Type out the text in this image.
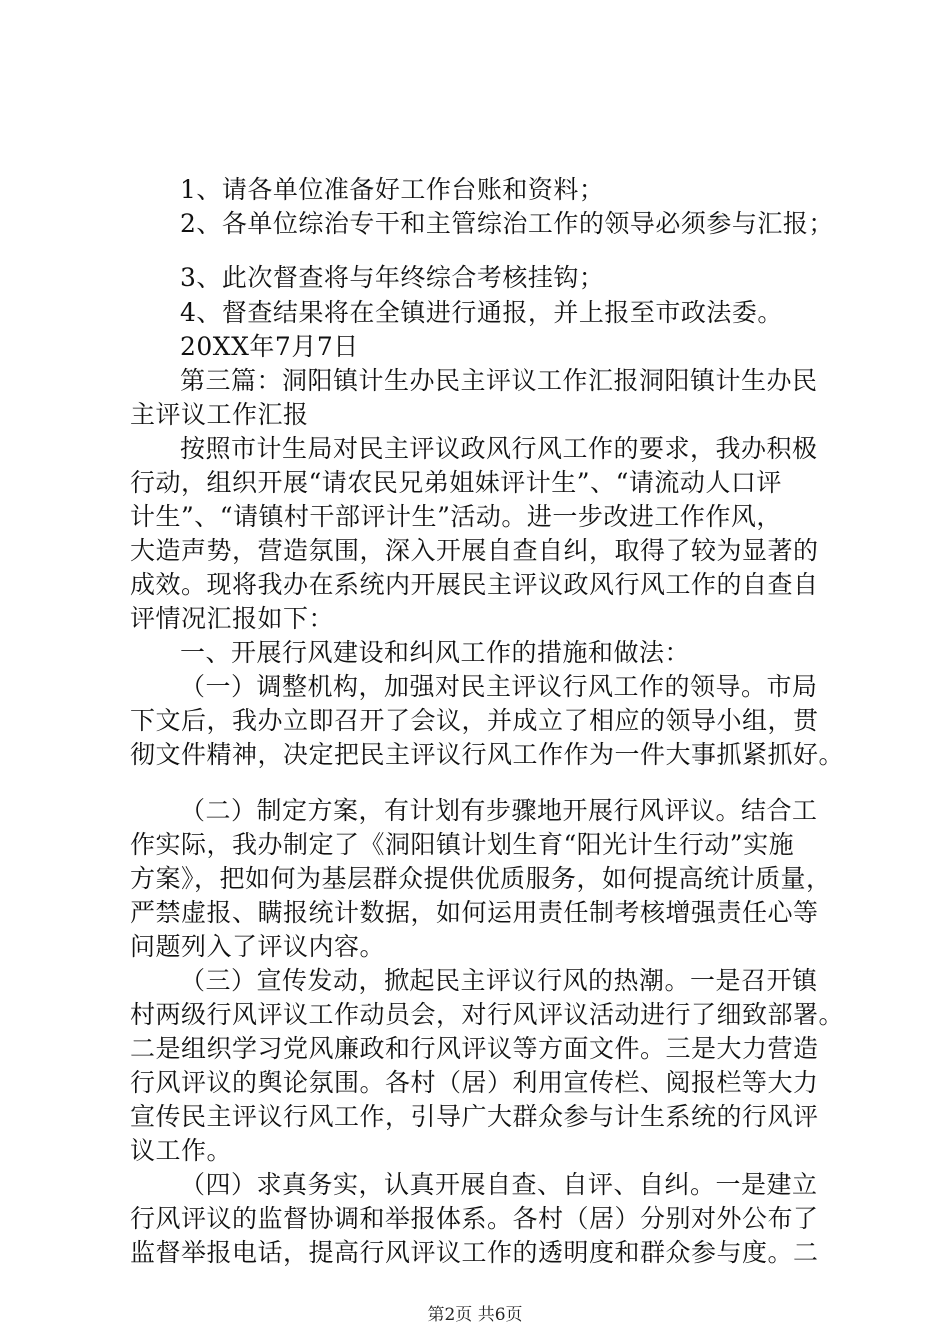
1、请各单位准备好工作台账和资料；
2、各单位综治专干和主管综治工作的领导必须参与汇报；
3、此次督查将与年终综合考核挂钩；
4、督查结果将在全镇进行通报，并上报至市政法委。
20XX年7月7日
第三篇：洞阳镇计生办民主评议工作汇报洞阳镇计生办民
主评议工作汇报
按照市计生局对民主评议政风行风工作的要求，我办积极
行动，组织开展“请农民兄弟姐妹评计生”、“请流动人口评
计生”、“请镇村干部评计生”活动。进一步改进工作作风，
大造声势，营造氛围，深入开展自查自纠，取得了较为显著的
成效。现将我办在系统内开展民主评议政风行风工作的自查自
评情况汇报如下：
一、开展行风建设和纠风工作的措施和做法：
（一）调整机构，加强对民主评议行风工作的领导。市局
下文后，我办立即召开了会议，并成立了相应的领导小组，贯
彻文件精神，决定把民主评议行风工作作为一件大事抓紧抓好。
（二）制定方案，有计划有步骤地开展行风评议。结合工
作实际，我办制定了《洞阳镇计划生育“阳光计生行动”实施
方案》，把如何为基层群众提供优质服务，如何提高统计质量，
严禁虚报、瞒报统计数据，如何运用责任制考核增强责任心等
问题列入了评议内容。
（三）宣传发动，掀起民主评议行风的热潮。一是召开镇
村两级行风评议工作动员会，对行风评议活动进行了细致部署。
二是组织学习党风廉政和行风评议等方面文件。三是大力营造
行风评议的舆论氛围。各村（居）利用宣传栏、阅报栏等大力
宣传民主评议行风工作，引导广大群众参与计生系统的行风评
议工作。
（四）求真务实，认真开展自查、自评、自纠。一是建立
行风评议的监督协调和举报体系。各村（居）分别对外公布了
监督举报电话，提高行风评议工作的透明度和群众参与度。二
第2页 共6页
